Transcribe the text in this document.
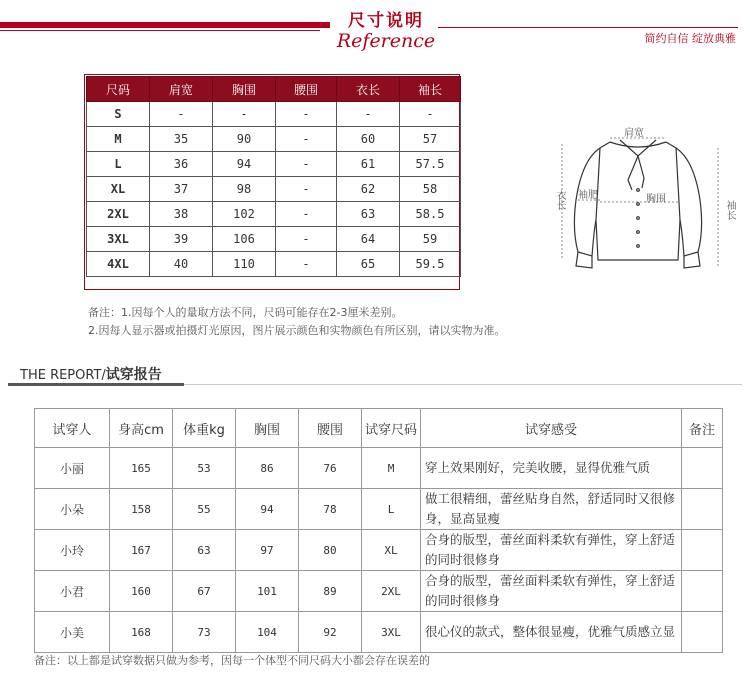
尺寸说明
Reference	简约自信 绽放典雅
尺码	肩宽	胸围	腰围	衣长	袖长
S	-	-	-	-	-
M	35	90	-	60	57
L	36	94	-	61	57.5
XL	37	98	-	62	58
2XL	38	102	-	63	58.5
3XL	39	106	-	64	59
4XL	40	110	-	65	59.5
肩宽
衣长	袖长
胸围
袖肥
备注：1.因每个人的量取方法不同，尺码可能存在2-3厘米差别。
2.因每人显示器或拍摄灯光原因，图片展示颜色和实物颜色有所区别，请以实物为准。
THE REPORT/试穿报告
试穿人	身高cm	体重kg	胸围	腰围	试穿尺码	试穿感受	备注
小丽	165	53	86	76	M	穿上效果刚好，完美收腰，显得优雅气质	
小朵	158	55	94	78	L	做工很精细，蕾丝贴身自然，舒适同时又很修身，显高显瘦	
小玲	167	63	97	80	XL	合身的版型，蕾丝面料柔软有弹性，穿上舒适的同时很修身	
小君	160	67	101	89	2XL	合身的版型，蕾丝面料柔软有弹性，穿上舒适的同时很修身	
小美	168	73	104	92	3XL	很心仪的款式，整体很显瘦，优雅气质感立显	
备注：以上都是试穿数据只做为参考，因每一个体型不同尺码大小都会存在误差的
